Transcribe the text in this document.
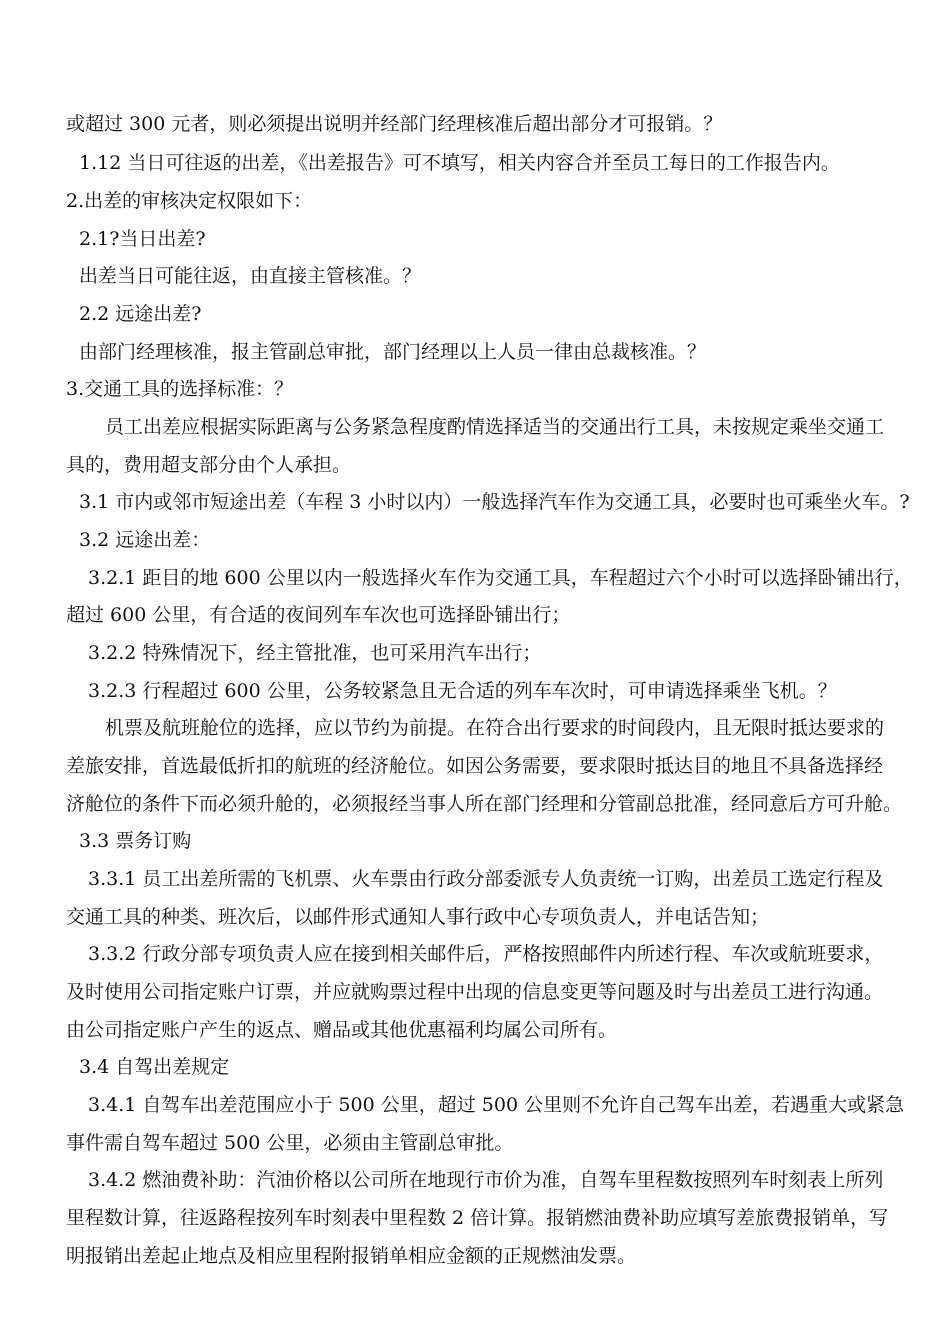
或超过 300 元者，则必须提出说明并经部门经理核准后超出部分才可报销。？
1.12 当日可往返的出差，《出差报告》可不填写，相关内容合并至员工每日的工作报告内。
2.出差的审核决定权限如下：
2.1?当日出差?
出差当日可能往返，由直接主管核准。？
2.2 远途出差?
由部门经理核准，报主管副总审批，部门经理以上人员一律由总裁核准。？
3.交通工具的选择标准：？
员工出差应根据实际距离与公务紧急程度酌情选择适当的交通出行工具，未按规定乘坐交通工
具的，费用超支部分由个人承担。
3.1 市内或邻市短途出差（车程 3 小时以内）一般选择汽车作为交通工具，必要时也可乘坐火车。?
3.2 远途出差：
3.2.1 距目的地 600 公里以内一般选择火车作为交通工具，车程超过六个小时可以选择卧铺出行，
超过 600 公里，有合适的夜间列车车次也可选择卧铺出行；
3.2.2 特殊情况下，经主管批准，也可采用汽车出行；
3.2.3 行程超过 600 公里，公务较紧急且无合适的列车车次时，可申请选择乘坐飞机。？
机票及航班舱位的选择，应以节约为前提。在符合出行要求的时间段内，且无限时抵达要求的
差旅安排，首选最低折扣的航班的经济舱位。如因公务需要，要求限时抵达目的地且不具备选择经
济舱位的条件下而必须升舱的，必须报经当事人所在部门经理和分管副总批准，经同意后方可升舱。
3.3 票务订购
3.3.1 员工出差所需的飞机票、火车票由行政分部委派专人负责统一订购，出差员工选定行程及
交通工具的种类、班次后，以邮件形式通知人事行政中心专项负责人，并电话告知；
3.3.2 行政分部专项负责人应在接到相关邮件后，严格按照邮件内所述行程、车次或航班要求，
及时使用公司指定账户订票，并应就购票过程中出现的信息变更等问题及时与出差员工进行沟通。
由公司指定账户产生的返点、赠品或其他优惠福利均属公司所有。
3.4 自驾出差规定
3.4.1 自驾车出差范围应小于 500 公里，超过 500 公里则不允许自己驾车出差，若遇重大或紧急
事件需自驾车超过 500 公里，必须由主管副总审批。
3.4.2 燃油费补助：汽油价格以公司所在地现行市价为准，自驾车里程数按照列车时刻表上所列
里程数计算，往返路程按列车时刻表中里程数 2 倍计算。报销燃油费补助应填写差旅费报销单，写
明报销出差起止地点及相应里程附报销单相应金额的正规燃油发票。
